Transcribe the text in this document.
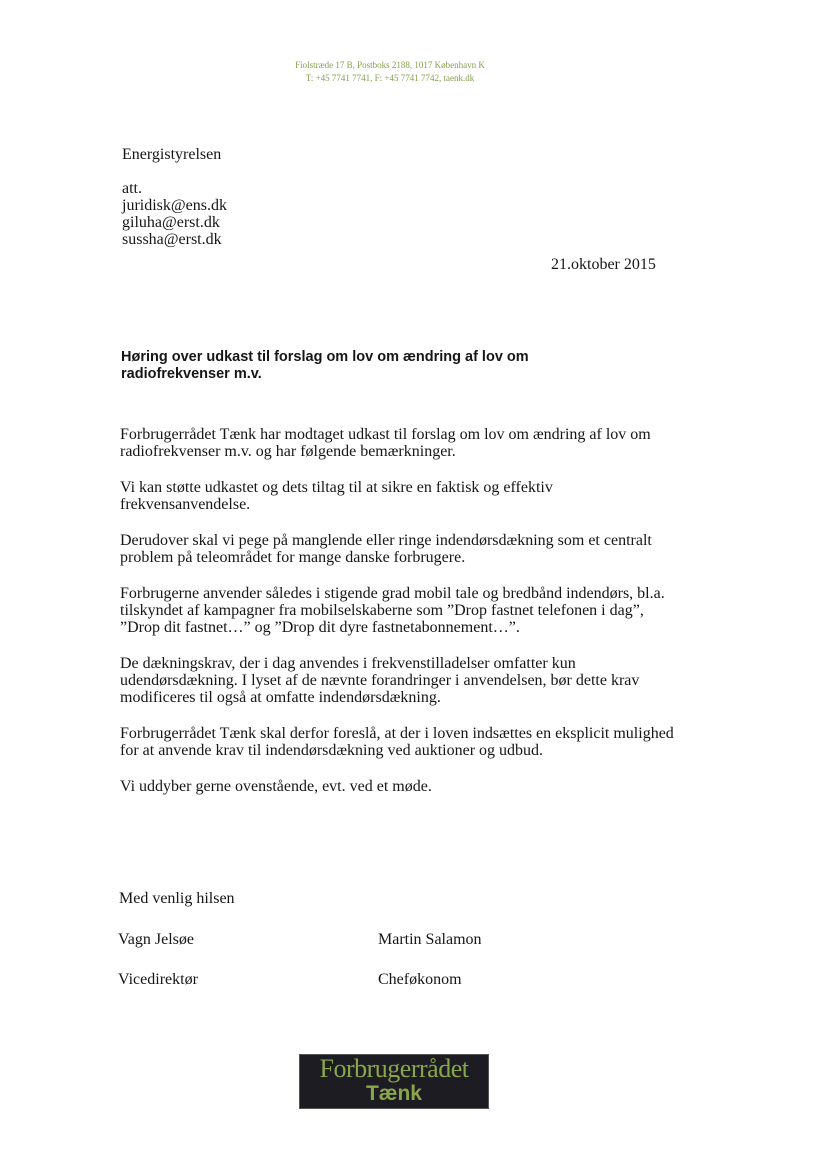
Fiolstræde 17 B, Postboks 2188, 1017 København K
T: +45 7741 7741, F: +45 7741 7742, taenk.dk
Energistyrelsen
att.
juridisk@ens.dk
giluha@erst.dk
sussha@erst.dk
21.oktober 2015
Høring over udkast til forslag om lov om ændring af lov om radiofrekvenser m.v.

Forbrugerrådet Tænk har modtaget udkast til forslag om lov om ændring af lov om radiofrekvenser m.v. og har følgende bemærkninger.

Vi kan støtte udkastet og dets tiltag til at sikre en faktisk og effektiv frekvensanvendelse.

Derudover skal vi pege på manglende eller ringe indendørsdækning som et centralt problem på teleområdet for mange danske forbrugere.

Forbrugerne anvender således i stigende grad mobil tale og bredbånd indendørs, bl.a. tilskyndet af kampagner fra mobilselskaberne som ”Drop fastnet telefonen i dag”, ”Drop dit fastnet…” og ”Drop dit dyre fastnetabonnement…”.

De dækningskrav, der i dag anvendes i frekvenstilladelser omfatter kun udendørsdækning. I lyset af de nævnte forandringer i anvendelsen, bør dette krav modificeres til også at omfatte indendørsdækning.

Forbrugerrådet Tænk skal derfor foreslå, at der i loven indsættes en eksplicit mulighed for at anvende krav til indendørsdækning ved auktioner og udbud.

Vi uddyber gerne ovenstående, evt. ved et møde.

Med venlig hilsen
Vagn Jelsøe
Vicedirektør
Martin Salamon
Cheføkonom
Forbrugerrådet
Tænk
